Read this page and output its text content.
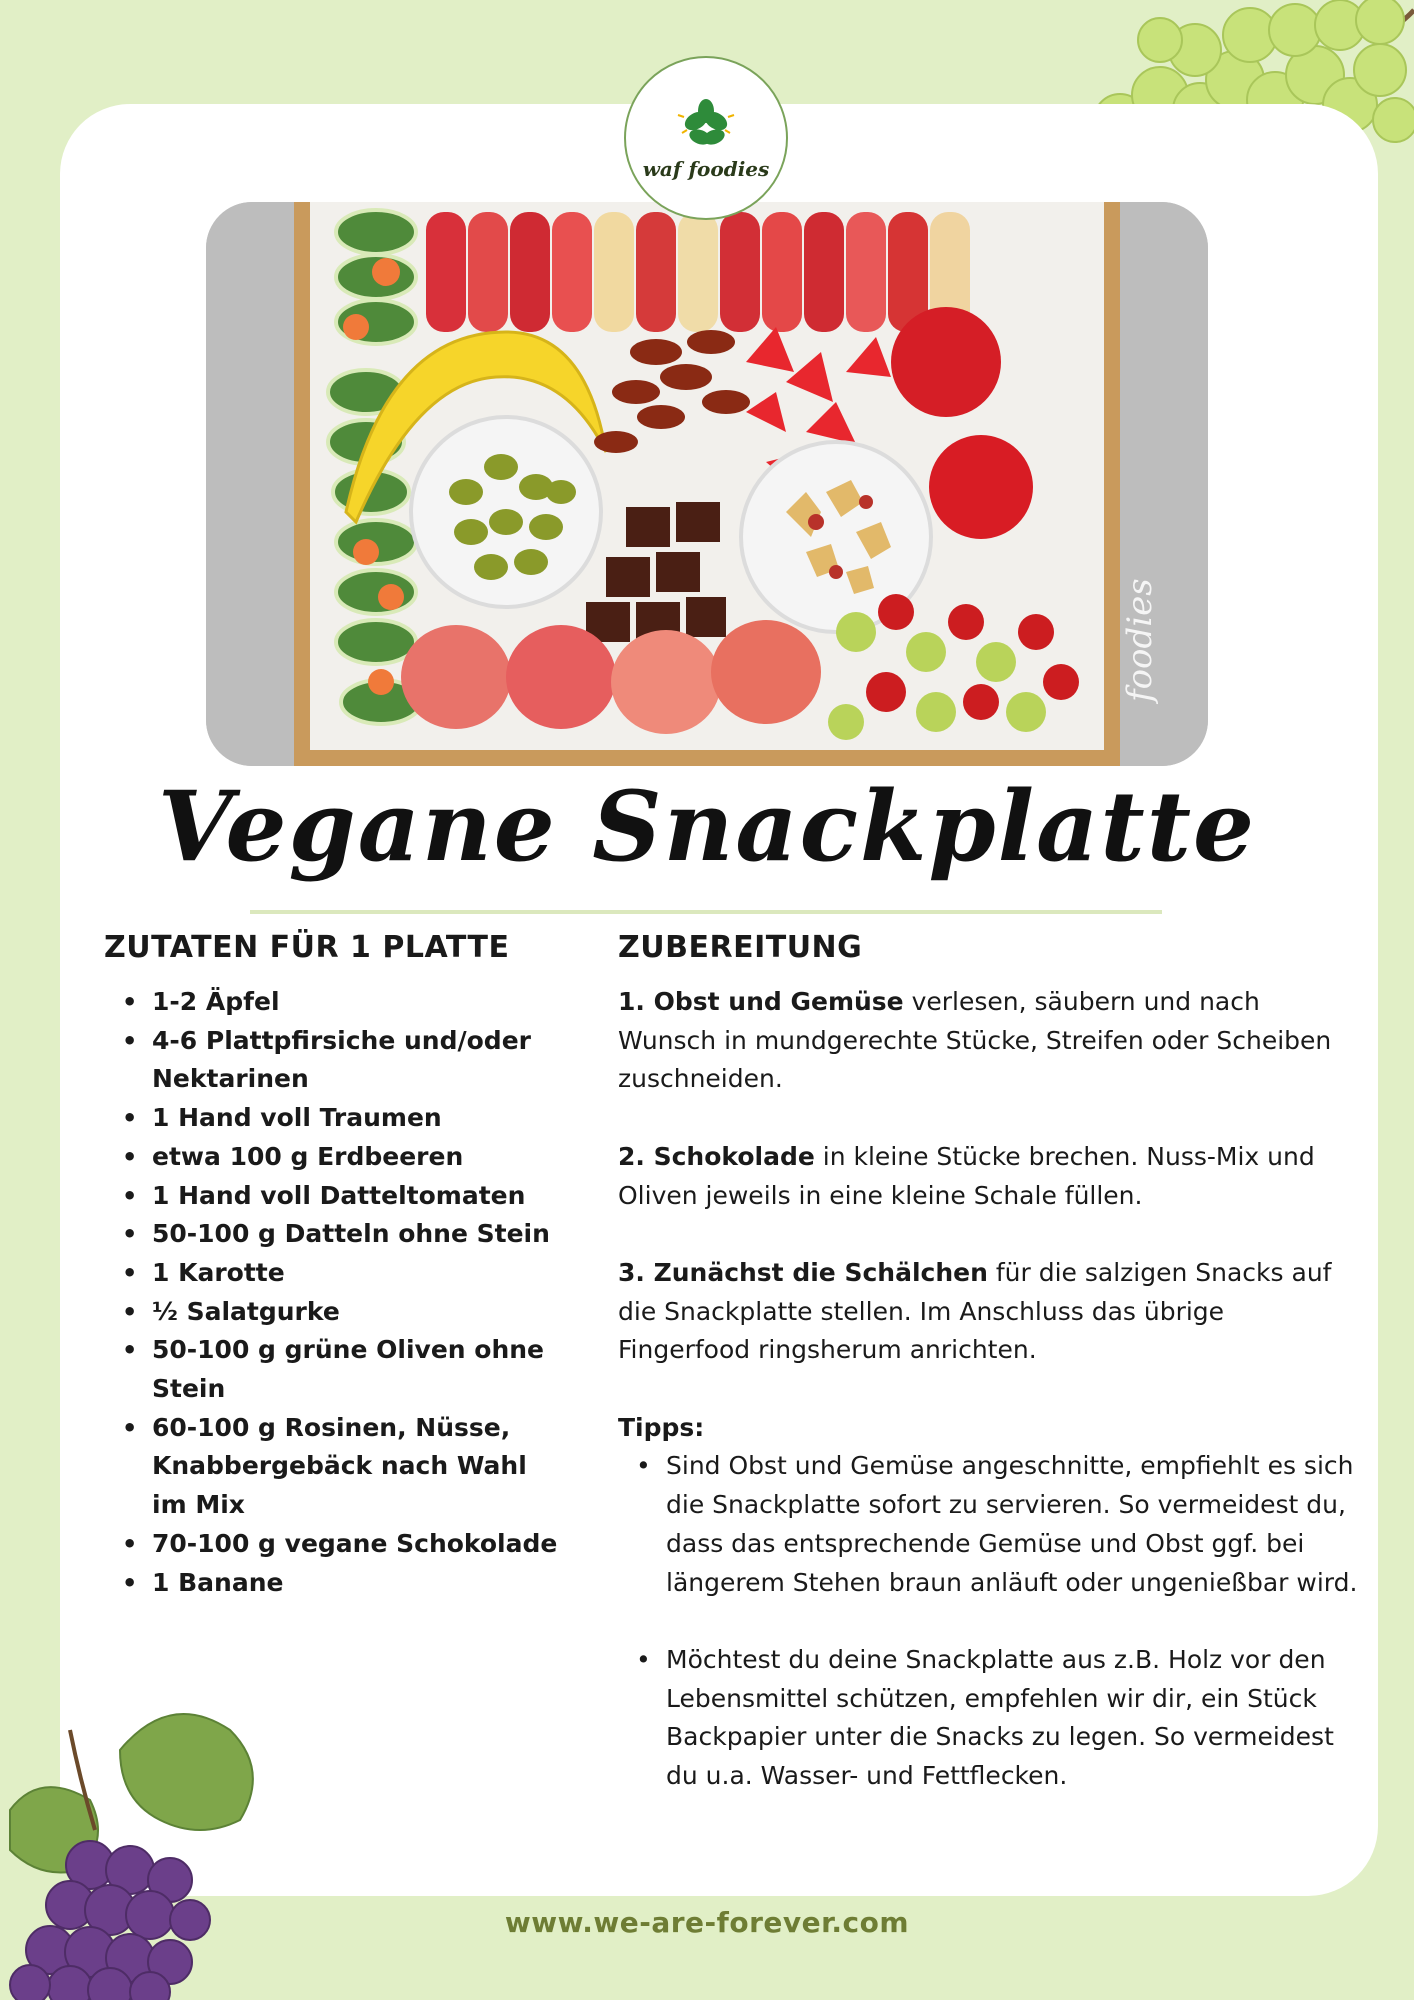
waf foodies
foodies
Vegane Snackplatte
ZUTATEN FÜR 1 PLATTE
• 1-2 Äpfel
• 4-6 Plattpfirsiche und/oder Nektarinen
• 1 Hand voll Traumen
• etwa 100 g Erdbeeren
• 1 Hand voll Datteltomaten
• 50-100 g Datteln ohne Stein
• 1 Karotte
• ½ Salatgurke
• 50-100 g grüne Oliven ohne Stein
• 60-100 g Rosinen, Nüsse, Knabbergebäck nach Wahl im Mix
• 70-100 g vegane Schokolade
• 1 Banane
ZUBEREITUNG

1. Obst und Gemüse verlesen, säubern und nach Wunsch in mundgerechte Stücke, Streifen oder Scheiben zuschneiden.

2. Schokolade in kleine Stücke brechen. Nuss-Mix und Oliven jeweils in eine kleine Schale füllen.

3. Zunächst die Schälchen für die salzigen Snacks auf die Snackplatte stellen. Im Anschluss das übrige Fingerfood ringsherum anrichten.

Tipps:
• Sind Obst und Gemüse angeschnitte, empfiehlt es sich die Snackplatte sofort zu servieren. So vermeidest du, dass das entsprechende Gemüse und Obst ggf. bei längerem Stehen braun anläuft oder ungenießbar wird.
• Möchtest du deine Snackplatte aus z.B. Holz vor den Lebensmittel schützen, empfehlen wir dir, ein Stück Backpapier unter die Snacks zu legen. So vermeidest du u.a. Wasser- und Fettflecken.
www.we-are-forever.com
